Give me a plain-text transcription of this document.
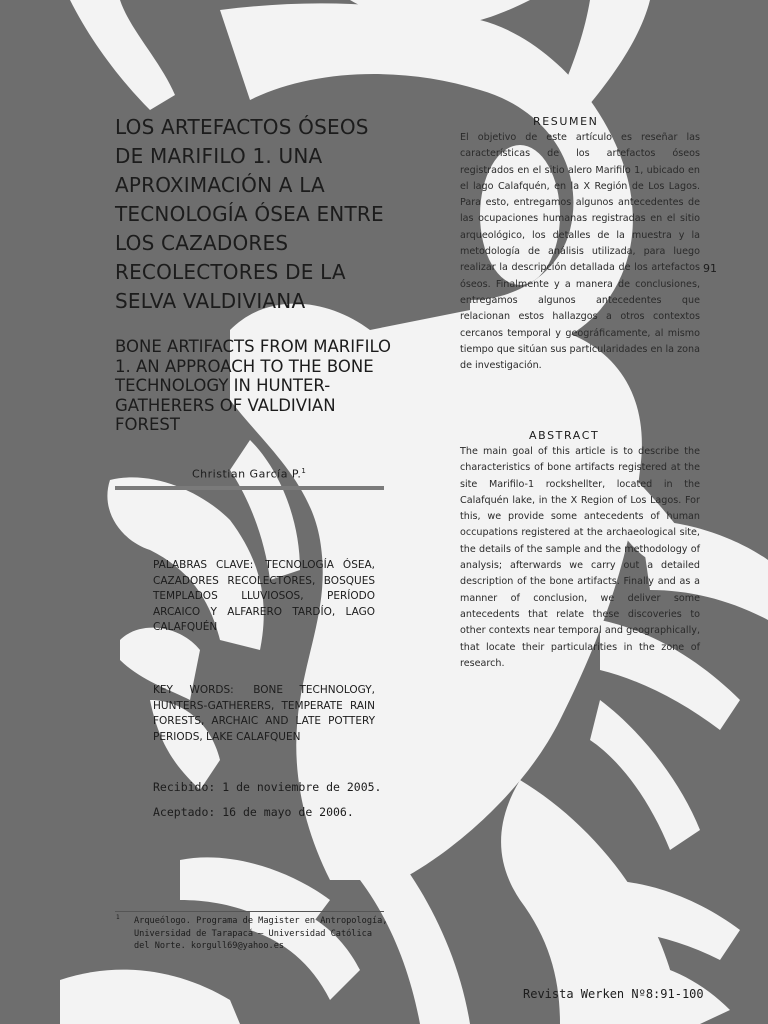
LOS ARTEFACTOS ÓSEOS DE MARIFILO 1. UNA APROXIMACIÓN A LA TECNOLOGÍA ÓSEA ENTRE LOS CAZADORES RECOLECTORES DE LA SELVA VALDIVIANA
BONE ARTIFACTS FROM MARIFILO 1. AN APPROACH TO THE BONE TECHNOLOGY IN HUNTER-GATHERERS OF VALDIVIAN FOREST
Christian García P.$^1$
PALABRAS CLAVE: TECNOLOGÍA ÓSEA, CAZADORES RECOLECTORES, BOSQUES TEMPLADOS LLUVIOSOS, PERÍODO ARCAICO Y ALFARERO TARDÍO, LAGO CALAFQUÉN
KEY WORDS: BONE TECHNOLOGY, HUNTERS-GATHERERS, TEMPERATE RAIN FORESTS, ARCHAIC AND LATE POTTERY PERIODS, LAKE CALAFQUEN
Recibido: 1 de noviembre de 2005.
Aceptado: 16 de mayo de 2006.
1 Arqueólogo. Programa de Magister en Antropología, Universidad de Tarapacá – Universidad Católica del Norte. korgull69@yahoo.es
RESUMEN
El objetivo de este artículo es reseñar las características de los artefactos óseos registrados en el sitio alero Marifilo 1, ubicado en el lago Calafquén, en la X Región de Los Lagos. Para esto, entregamos algunos antecedentes de las ocupaciones humanas registradas en el sitio arqueológico, los detalles de la muestra y la metodología de análisis utilizada, para luego realizar la descripción detallada de los artefactos óseos. Finalmente y a manera de conclusiones, entregamos algunos antecedentes que relacionan estos hallazgos a otros contextos cercanos temporal y geográficamente, al mismo tiempo que sitúan sus particularidades en la zona de investigación.
ABSTRACT
The main goal of this article is to describe the characteristics of bone artifacts registered at the site Marifilo-1 rockshellter, located in the Calafquén lake, in the X Region of Los Lagos. For this, we provide some antecedents of human occupations registered at the archaeological site, the details of the sample and the methodology of analysis; afterwards we carry out a detailed description of the bone artifacts. Finally and as a manner of conclusion, we deliver some antecedents that relate these discoveries to other contexts near temporal and geographically, that locate their particularities in the zone of research.
91
Revista Werken Nº8:91-100
